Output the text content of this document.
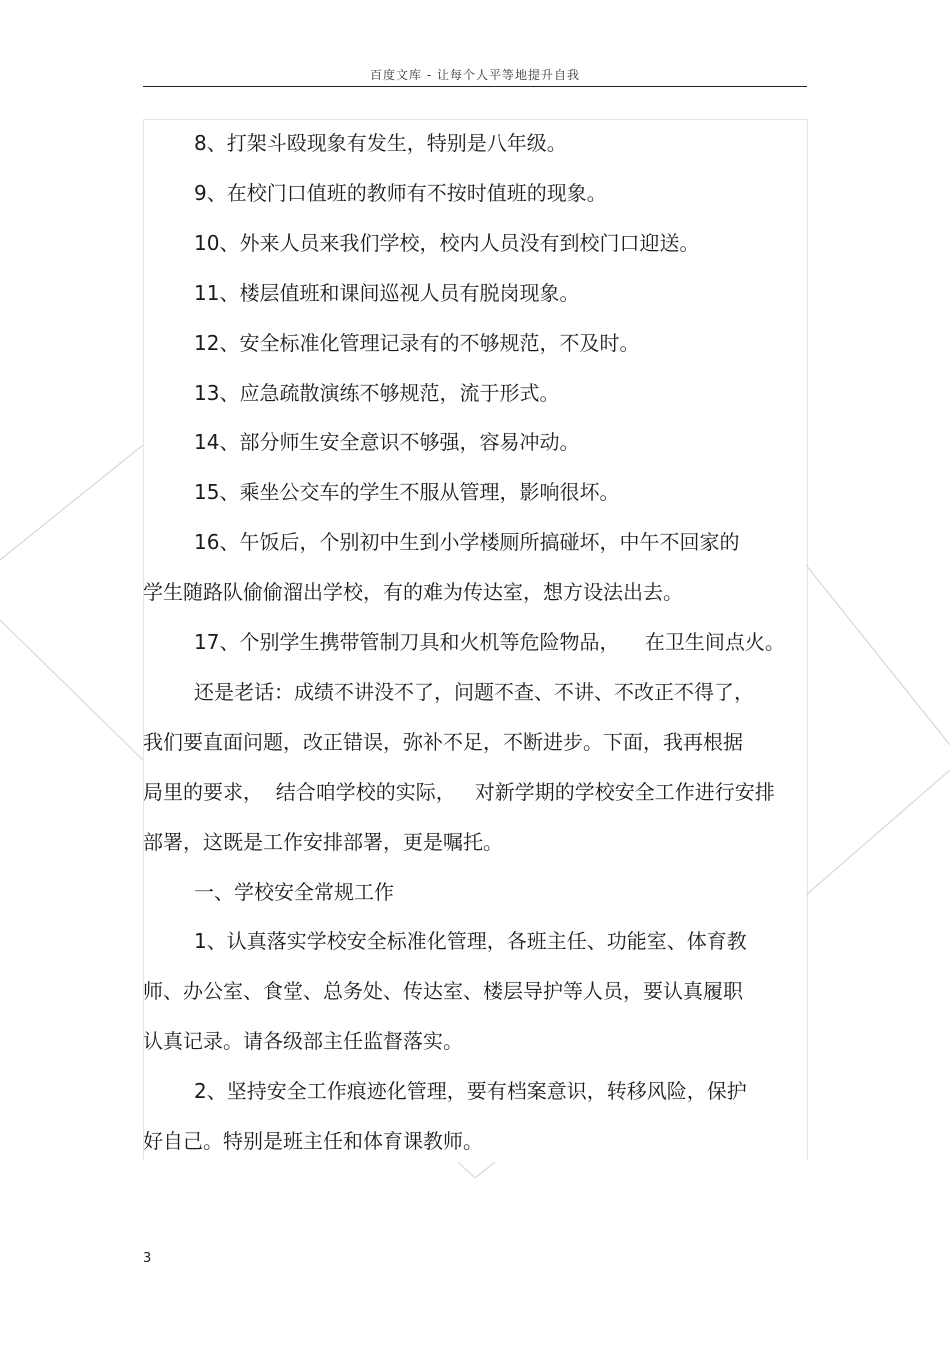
百度文库 - 让每个人平等地提升自我
8、打架斗殴现象有发生，特别是八年级。
9、在校门口值班的教师有不按时值班的现象。
10、外来人员来我们学校，校内人员没有到校门口迎送。
11、楼层值班和课间巡视人员有脱岗现象。
12、安全标准化管理记录有的不够规范，不及时。
13、应急疏散演练不够规范，流于形式。
14、部分师生安全意识不够强，容易冲动。
15、乘坐公交车的学生不服从管理，影响很坏。
16、午饭后，个别初中生到小学楼厕所搞碰坏，中午不回家的
学生随路队偷偷溜出学校，有的难为传达室，想方设法出去。
17、个别学生携带管制刀具和火机等危险物品，    在卫生间点火。
还是老话：成绩不讲没不了，问题不查、不讲、不改正不得了，
我们要直面问题，改正错误，弥补不足，不断进步。下面，我再根据
局里的要求，  结合咱学校的实际，   对新学期的学校安全工作进行安排
部署，这既是工作安排部署，更是嘱托。
一、学校安全常规工作
1、认真落实学校安全标准化管理，各班主任、功能室、体育教
师、办公室、食堂、总务处、传达室、楼层导护等人员，要认真履职
认真记录。请各级部主任监督落实。
2、坚持安全工作痕迹化管理，要有档案意识，转移风险，保护
好自己。特别是班主任和体育课教师。
3
